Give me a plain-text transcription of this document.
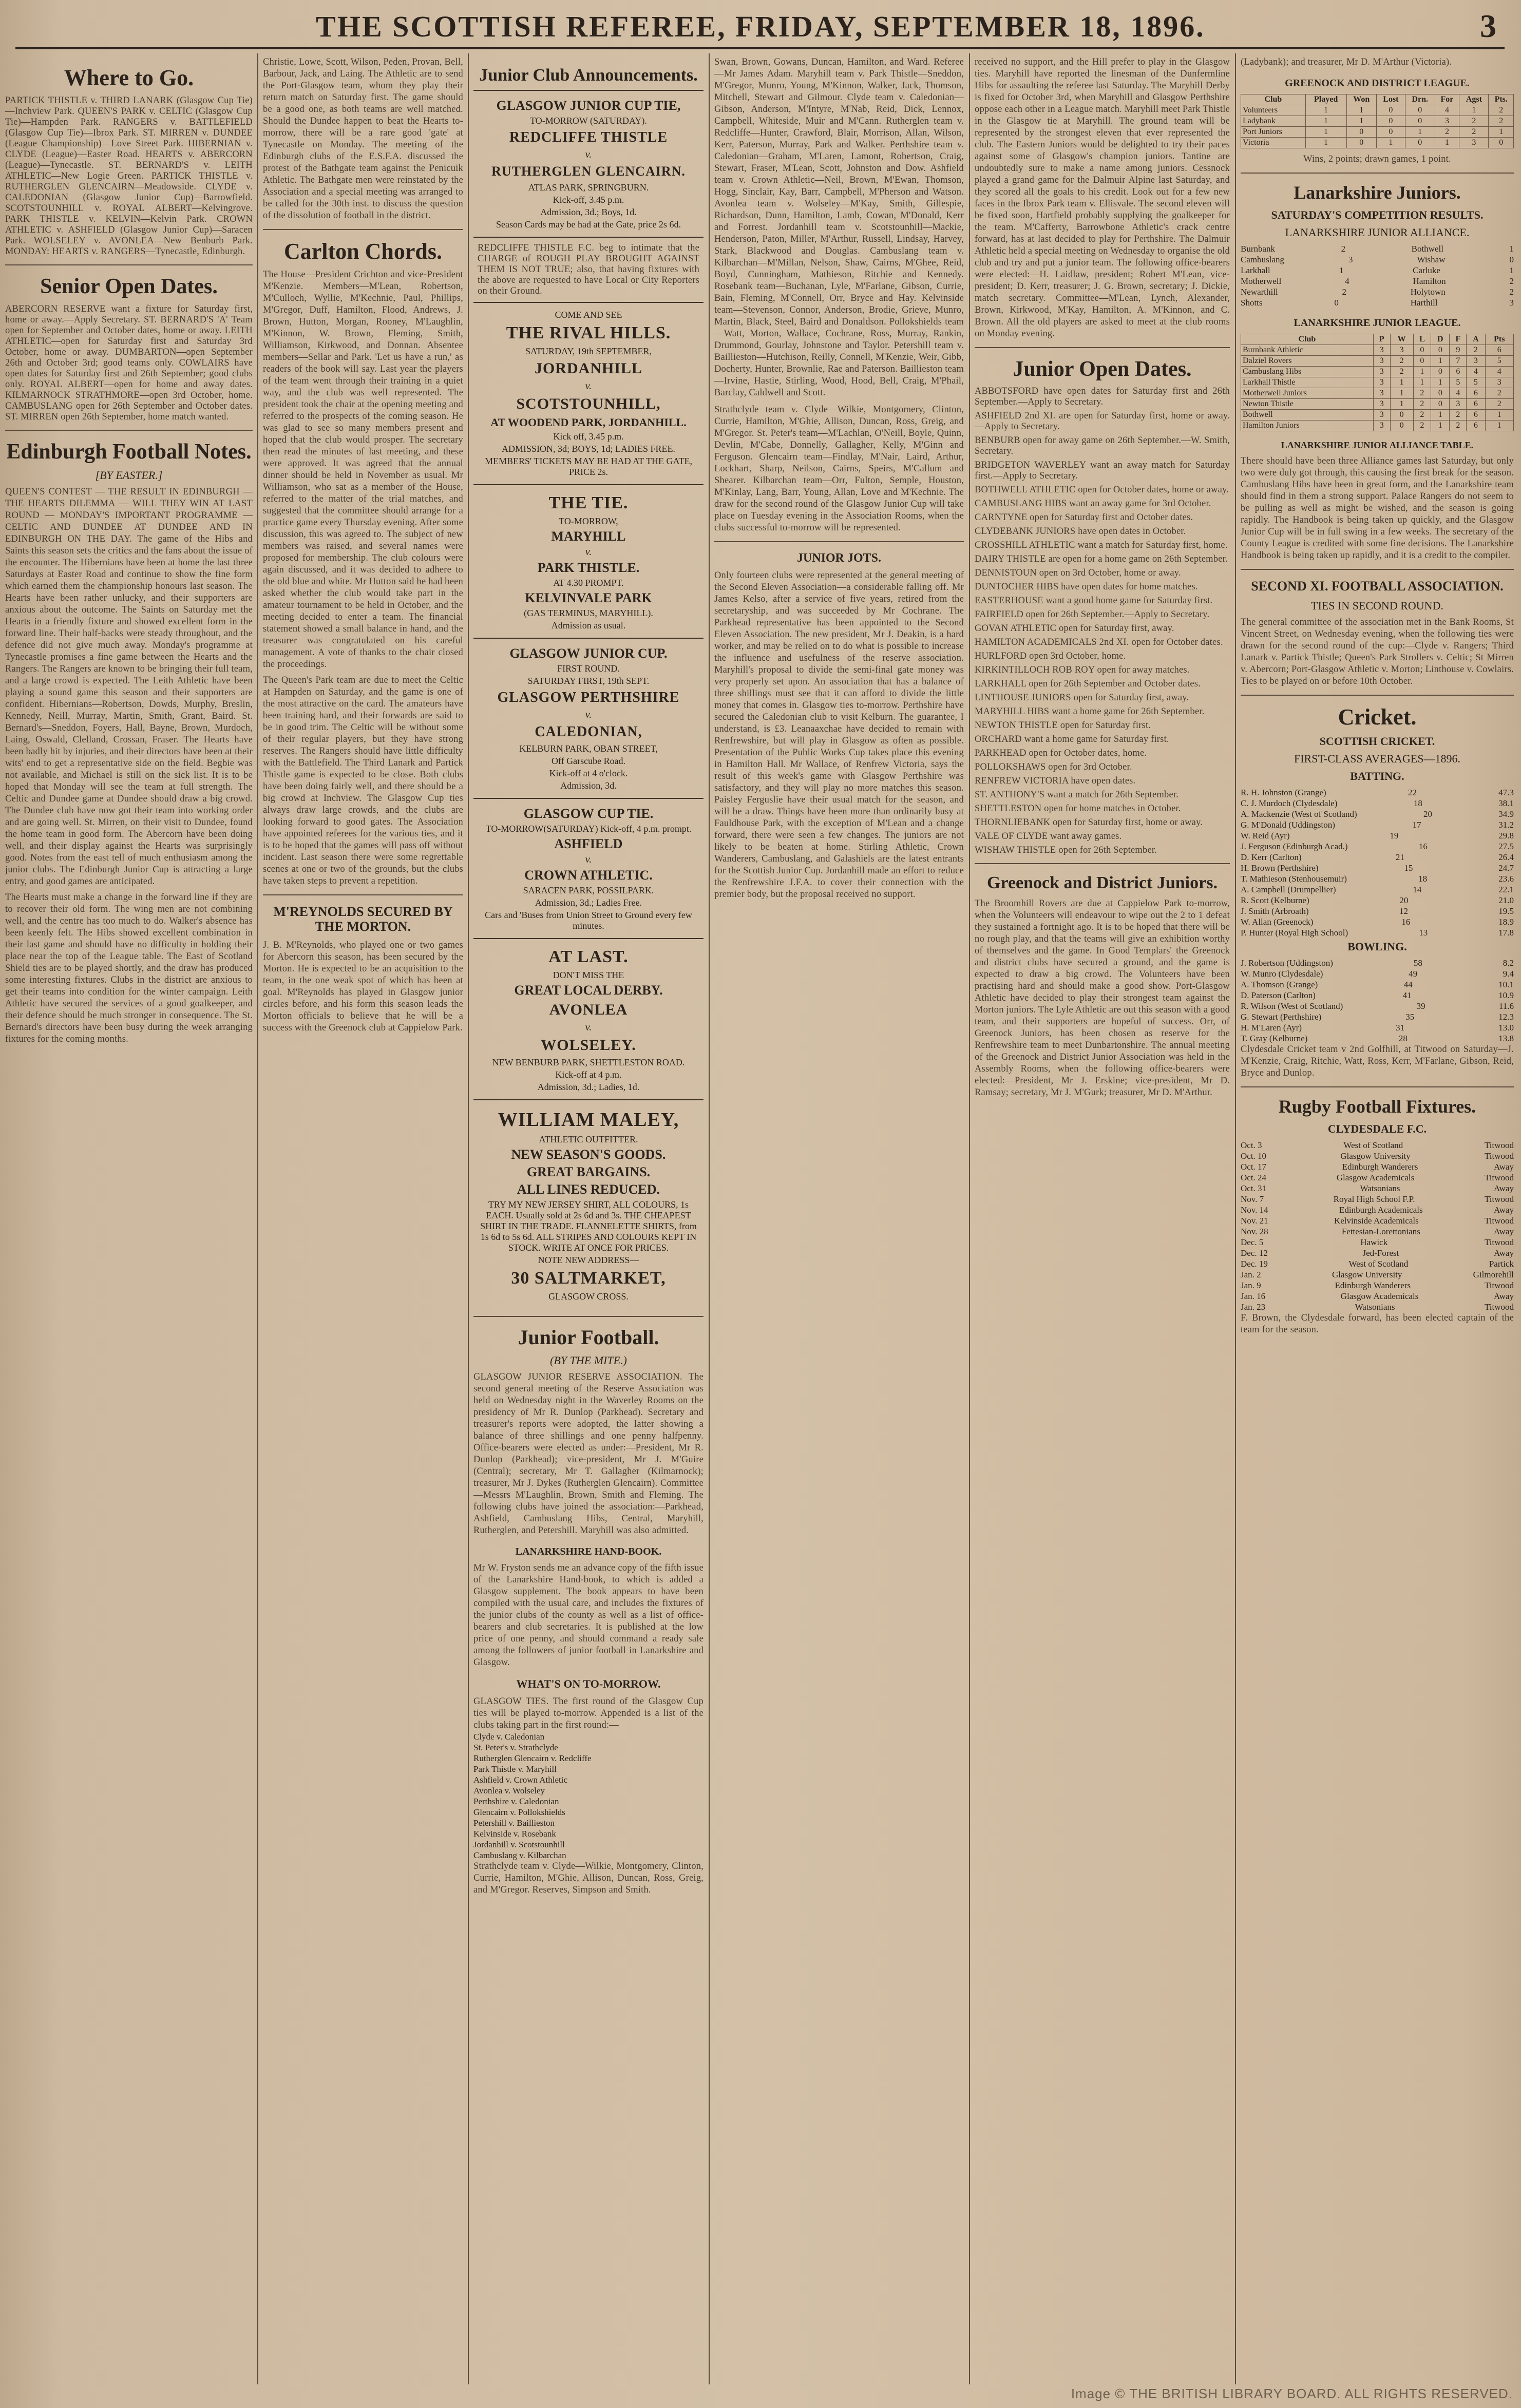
THE SCOTTISH REFEREE, FRIDAY, SEPTEMBER 18, 1896.	3
Where to Go.
PARTICK THISTLE v. THIRD LANARK (Glasgow Cup Tie)—Inchview Park. QUEEN'S PARK v. CELTIC (Glasgow Cup Tie)—Hampden Park. RANGERS v. BATTLEFIELD (Glasgow Cup Tie)—Ibrox Park. ST. MIRREN v. DUNDEE (League Championship)—Love Street Park. HIBERNIAN v. CLYDE (League)—Easter Road. HEARTS v. ABERCORN (League)—Tynecastle. ST. BERNARD'S v. LEITH ATHLETIC—New Logie Green. PARTICK THISTLE v. RUTHERGLEN GLENCAIRN—Meadowside. CLYDE v. CALEDONIAN (Glasgow Junior Cup)—Barrowfield. SCOTSTOUNHILL v. ROYAL ALBERT—Kelvingrove. PARK THISTLE v. KELVIN—Kelvin Park. CROWN ATHLETIC v. ASHFIELD (Glasgow Junior Cup)—Saracen Park. WOLSELEY v. AVONLEA—New Benburb Park. MONDAY: HEARTS v. RANGERS—Tynecastle, Edinburgh.
Senior Open Dates.
ABERCORN RESERVE want a fixture for Saturday first, home or away.—Apply Secretary. ST. BERNARD'S 'A' Team open for September and October dates, home or away. LEITH ATHLETIC—open for Saturday first and Saturday 3rd October, home or away. DUMBARTON—open September 26th and October 3rd; good teams only. COWLAIRS have open dates for Saturday first and 26th September; good clubs only. ROYAL ALBERT—open for home and away dates. KILMARNOCK STRATHMORE—open 3rd October, home. CAMBUSLANG open for 26th September and October dates. ST. MIRREN open 26th September, home match wanted.
Edinburgh Football Notes.
[BY EASTER.]
QUEEN'S CONTEST — THE RESULT IN EDINBURGH — THE HEARTS DILEMMA — WILL THEY WIN AT LAST ROUND — MONDAY'S IMPORTANT PROGRAMME — CELTIC AND DUNDEE AT DUNDEE AND IN EDINBURGH ON THE DAY. The game of the Hibs and Saints this season sets the critics and the fans about the issue of the encounter. The Hibernians have been at home the last three Saturdays at Easter Road and continue to show the fine form which earned them the championship honours last season. The Hearts have been rather unlucky, and their supporters are anxious about the outcome. The Saints on Saturday met the Hearts in a friendly fixture and showed excellent form in the forward line. Their half-backs were steady throughout, and the defence did not give much away. Monday's programme at Tynecastle promises a fine game between the Hearts and the Rangers. The Rangers are known to be bringing their full team, and a large crowd is expected. The Leith Athletic have been playing a sound game this season and their supporters are confident. Hibernians—Robertson, Dowds, Murphy, Breslin, Kennedy, Neill, Murray, Martin, Smith, Grant, Baird. St. Bernard's—Sneddon, Foyers, Hall, Bayne, Brown, Murdoch, Laing, Oswald, Clelland, Crossan, Fraser. The Hearts have been badly hit by injuries, and their directors have been at their wits' end to get a representative side on the field. Begbie was not available, and Michael is still on the sick list. It is to be hoped that Monday will see the team at full strength. The Celtic and Dundee game at Dundee should draw a big crowd. The Dundee club have now got their team into working order and are going well. St. Mirren, on their visit to Dundee, found the home team in good form. The Abercorn have been doing well, and their display against the Hearts was surprisingly good. Notes from the east tell of much enthusiasm among the junior clubs. The Edinburgh Junior Cup is attracting a large entry, and good games are anticipated.
The Hearts must make a change in the forward line if they are to recover their old form. The wing men are not combining well, and the centre has too much to do. Walker's absence has been keenly felt. The Hibs showed excellent combination in their last game and should have no difficulty in holding their place near the top of the League table. The East of Scotland Shield ties are to be played shortly, and the draw has produced some interesting fixtures. Clubs in the district are anxious to get their teams into condition for the winter campaign. Leith Athletic have secured the services of a good goalkeeper, and their defence should be much stronger in consequence. The St. Bernard's directors have been busy during the week arranging fixtures for the coming months.
Christie, Lowe, Scott, Wilson, Peden, Provan, Bell, Barbour, Jack, and Laing. The Athletic are to send the Port-Glasgow team, whom they play their return match on Saturday first. The game should be a good one, as both teams are well matched. Should the Dundee happen to beat the Hearts to-morrow, there will be a rare good 'gate' at Tynecastle on Monday. The meeting of the Edinburgh clubs of the E.S.F.A. discussed the protest of the Bathgate team against the Penicuik Athletic. The Bathgate men were reinstated by the Association and a special meeting was arranged to be called for the 30th inst. to discuss the question of the dissolution of football in the district.
Carlton Chords.
The House—President Crichton and vice-President M'Kenzie. Members—M'Lean, Robertson, M'Culloch, Wyllie, M'Kechnie, Paul, Phillips, M'Gregor, Duff, Hamilton, Flood, Andrews, J. Brown, Hutton, Morgan, Rooney, M'Laughlin, M'Kinnon, W. Brown, Fleming, Smith, Williamson, Kirkwood, and Donnan. Absentee members—Sellar and Park. 'Let us have a run,' as readers of the book will say. Last year the players of the team went through their training in a quiet way, and the club was well represented. The president took the chair at the opening meeting and referred to the prospects of the coming season. He was glad to see so many members present and hoped that the club would prosper. The secretary then read the minutes of last meeting, and these were approved. It was agreed that the annual dinner should be held in November as usual. Mr Williamson, who sat as a member of the House, referred to the matter of the trial matches, and suggested that the committee should arrange for a practice game every Thursday evening. After some discussion, this was agreed to. The subject of new members was raised, and several names were proposed for membership. The club colours were again discussed, and it was decided to adhere to the old blue and white. Mr Hutton said he had been asked whether the club would take part in the amateur tournament to be held in October, and the meeting decided to enter a team. The financial statement showed a small balance in hand, and the treasurer was congratulated on his careful management. A vote of thanks to the chair closed the proceedings.
The Queen's Park team are due to meet the Celtic at Hampden on Saturday, and the game is one of the most attractive on the card. The amateurs have been training hard, and their forwards are said to be in good trim. The Celtic will be without some of their regular players, but they have strong reserves. The Rangers should have little difficulty with the Battlefield. The Third Lanark and Partick Thistle game is expected to be close. Both clubs have been doing fairly well, and there should be a big crowd at Inchview. The Glasgow Cup ties always draw large crowds, and the clubs are looking forward to good gates. The Association have appointed referees for the various ties, and it is to be hoped that the games will pass off without incident. Last season there were some regrettable scenes at one or two of the grounds, but the clubs have taken steps to prevent a repetition.
M'REYNOLDS SECURED BY THE MORTON.
J. B. M'Reynolds, who played one or two games for Abercorn this season, has been secured by the Morton. He is expected to be an acquisition to the team, in the one weak spot of which has been at goal. M'Reynolds has played in Glasgow junior circles before, and his form this season leads the Morton officials to believe that he will be a success with the Greenock club at Cappielow Park.
Junior Club Announcements.
GLASGOW JUNIOR CUP TIE,
TO-MORROW (SATURDAY).
REDCLIFFE THISTLE
v.
RUTHERGLEN GLENCAIRN.
ATLAS PARK, SPRINGBURN.
Kick-off, 3.45 p.m.
Admission, 3d.; Boys, 1d.
Season Cards may be had at the Gate, price 2s 6d.
REDCLIFFE THISTLE F.C. beg to intimate that the CHARGE of ROUGH PLAY BROUGHT AGAINST THEM IS NOT TRUE; also, that having fixtures with the above are requested to have Local or City Reporters on their Ground.
COME AND SEE
THE RIVAL HILLS.
SATURDAY, 19th SEPTEMBER,
JORDANHILL
v.
SCOTSTOUNHILL,
AT WOODEND PARK, JORDANHILL.
Kick off, 3.45 p.m.
ADMISSION, 3d; BOYS, 1d; LADIES FREE.
MEMBERS' TICKETS MAY BE HAD AT THE GATE, PRICE 2s.
THE TIE.
TO-MORROW,
MARYHILL
v.
PARK THISTLE.
AT 4.30 PROMPT.
KELVINVALE PARK
(GAS TERMINUS, MARYHILL).
Admission as usual.
GLASGOW JUNIOR CUP.
FIRST ROUND.
SATURDAY FIRST, 19th SEPT.
GLASGOW PERTHSHIRE
v.
CALEDONIAN,
KELBURN PARK, OBAN STREET,
Off Garscube Road.
Kick-off at 4 o'clock.
Admission, 3d.
GLASGOW CUP TIE.
TO-MORROW(SATURDAY) Kick-off, 4 p.m. prompt.
ASHFIELD
v.
CROWN ATHLETIC.
SARACEN PARK, POSSILPARK.
Admission, 3d.; Ladies Free.
Cars and 'Buses from Union Street to Ground every few minutes.
AT LAST.
DON'T MISS THE
GREAT LOCAL DERBY.
AVONLEA
v.
WOLSELEY.
NEW BENBURB PARK, SHETTLESTON ROAD.
Kick-off at 4 p.m.
Admission, 3d.; Ladies, 1d.
WILLIAM MALEY,
ATHLETIC OUTFITTER.
NEW SEASON'S GOODS.
GREAT BARGAINS.
ALL LINES REDUCED.
TRY MY NEW JERSEY SHIRT, ALL COLOURS, 1s EACH. Usually sold at 2s 6d and 3s. THE CHEAPEST SHIRT IN THE TRADE. FLANNELETTE SHIRTS, from 1s 6d to 5s 6d. ALL STRIPES AND COLOURS KEPT IN STOCK. WRITE AT ONCE FOR PRICES.
NOTE NEW ADDRESS—
30 SALTMARKET,
GLASGOW CROSS.
Junior Football.
(BY THE MITE.)
GLASGOW JUNIOR RESERVE ASSOCIATION. The second general meeting of the Reserve Association was held on Wednesday night in the Waverley Rooms on the presidency of Mr R. Dunlop (Parkhead). Secretary and treasurer's reports were adopted, the latter showing a balance of three shillings and one penny halfpenny. Office-bearers were elected as under:—President, Mr R. Dunlop (Parkhead); vice-president, Mr J. M'Guire (Central); secretary, Mr T. Gallagher (Kilmarnock); treasurer, Mr J. Dykes (Rutherglen Glencairn). Committee—Messrs M'Laughlin, Brown, Smith and Fleming. The following clubs have joined the association:—Parkhead, Ashfield, Cambuslang Hibs, Central, Maryhill, Rutherglen, and Petershill. Maryhill was also admitted.
LANARKSHIRE HAND-BOOK.
Mr W. Fryston sends me an advance copy of the fifth issue of the Lanarkshire Hand-book, to which is added a Glasgow supplement. The book appears to have been compiled with the usual care, and includes the fixtures of the junior clubs of the county as well as a list of office-bearers and club secretaries. It is published at the low price of one penny, and should command a ready sale among the followers of junior football in Lanarkshire and Glasgow.
WHAT'S ON TO-MORROW.
GLASGOW TIES. The first round of the Glasgow Cup ties will be played to-morrow. Appended is a list of the clubs taking part in the first round:—
Clyde v. Caledonian
St. Peter's v. Strathclyde
Rutherglen Glencairn v. Redcliffe
Park Thistle v. Maryhill
Ashfield v. Crown Athletic
Avonlea v. Wolseley
Perthshire v. Caledonian
Glencairn v. Pollokshields
Petershill v. Baillieston
Kelvinside v. Rosebank
Jordanhill v. Scotstounhill
Cambuslang v. Kilbarchan
Strathclyde team v. Clyde—Wilkie, Montgomery, Clinton, Currie, Hamilton, M'Ghie, Allison, Duncan, Ross, Greig, and M'Gregor. Reserves, Simpson and Smith.
Swan, Brown, Gowans, Duncan, Hamilton, and Ward. Referee—Mr James Adam. Maryhill team v. Park Thistle—Sneddon, M'Gregor, Munro, Young, M'Kinnon, Walker, Jack, Thomson, Mitchell, Stewart and Gilmour. Clyde team v. Caledonian—Gibson, Anderson, M'Intyre, M'Nab, Reid, Dick, Lennox, Campbell, Whiteside, Muir and M'Cann. Rutherglen team v. Redcliffe—Hunter, Crawford, Blair, Morrison, Allan, Wilson, Kerr, Paterson, Murray, Park and Walker. Perthshire team v. Caledonian—Graham, M'Laren, Lamont, Robertson, Craig, Stewart, Fraser, M'Lean, Scott, Johnston and Dow. Ashfield team v. Crown Athletic—Neil, Brown, M'Ewan, Thomson, Hogg, Sinclair, Kay, Barr, Campbell, M'Pherson and Watson. Avonlea team v. Wolseley—M'Kay, Smith, Gillespie, Richardson, Dunn, Hamilton, Lamb, Cowan, M'Donald, Kerr and Forrest. Jordanhill team v. Scotstounhill—Mackie, Henderson, Paton, Miller, M'Arthur, Russell, Lindsay, Harvey, Stark, Blackwood and Douglas. Cambuslang team v. Kilbarchan—M'Millan, Nelson, Shaw, Cairns, M'Ghee, Reid, Boyd, Cunningham, Mathieson, Ritchie and Kennedy. Rosebank team—Buchanan, Lyle, M'Farlane, Gibson, Currie, Bain, Fleming, M'Connell, Orr, Bryce and Hay. Kelvinside team—Stevenson, Connor, Anderson, Brodie, Grieve, Munro, Martin, Black, Steel, Baird and Donaldson. Pollokshields team—Watt, Morton, Wallace, Cochrane, Ross, Murray, Rankin, Drummond, Gourlay, Johnstone and Taylor. Petershill team v. Baillieston—Hutchison, Reilly, Connell, M'Kenzie, Weir, Gibb, Docherty, Hunter, Brownlie, Rae and Paterson. Baillieston team—Irvine, Hastie, Stirling, Wood, Hood, Bell, Craig, M'Phail, Barclay, Caldwell and Scott.
Strathclyde team v. Clyde—Wilkie, Montgomery, Clinton, Currie, Hamilton, M'Ghie, Allison, Duncan, Ross, Greig, and M'Gregor. St. Peter's team—M'Lachlan, O'Neill, Boyle, Quinn, Devlin, M'Cabe, Donnelly, Gallagher, Kelly, M'Ginn and Ferguson. Glencairn team—Findlay, M'Nair, Laird, Arthur, Lockhart, Sharp, Neilson, Cairns, Speirs, M'Callum and Shearer. Kilbarchan team—Orr, Fulton, Semple, Houston, M'Kinlay, Lang, Barr, Young, Allan, Love and M'Kechnie. The draw for the second round of the Glasgow Junior Cup will take place on Tuesday evening in the Association Rooms, when the clubs successful to-morrow will be represented.
JUNIOR JOTS.
Only fourteen clubs were represented at the general meeting of the Second Eleven Association—a considerable falling off. Mr James Kelso, after a service of five years, retired from the secretaryship, and was succeeded by Mr Cochrane. The Parkhead representative has been appointed to the Second Eleven Association. The new president, Mr J. Deakin, is a hard worker, and may be relied on to do what is possible to increase the influence and usefulness of the reserve association. Maryhill's proposal to divide the semi-final gate money was very properly set upon. An association that has a balance of three shillings must see that it can afford to divide the little money that comes in. Glasgow ties to-morrow. Perthshire have secured the Caledonian club to visit Kelburn. The guarantee, I understand, is £3. Leanaaxchae have decided to remain with Renfrewshire, but will play in Glasgow as often as possible. Presentation of the Public Works Cup takes place this evening in Hamilton Hall. Mr Wallace, of Renfrew Victoria, says the result of this week's game with Glasgow Perthshire was satisfactory, and they will play no more matches this season. Paisley Ferguslie have their usual match for the season, and will be a draw. Things have been more than ordinarily busy at Fauldhouse Park, with the exception of M'Lean and a change forward, there were seen a few changes. The juniors are not likely to be beaten at home. Stirling Athletic, Crown Wanderers, Cambuslang, and Galashiels are the latest entrants for the Scottish Junior Cup. Jordanhill made an effort to reduce the Renfrewshire J.F.A. to cover their connection with the premier body, but the proposal received no support.
received no support, and the Hill prefer to play in the Glasgow ties. Maryhill have reported the linesman of the Dunfermline Hibs for assaulting the referee last Saturday. The Maryhill Derby is fixed for October 3rd, when Maryhill and Glasgow Perthshire oppose each other in a League match. Maryhill meet Park Thistle in the Glasgow tie at Maryhill. The ground team will be represented by the strongest eleven that ever represented the club. The Eastern Juniors would be delighted to try their paces against some of Glasgow's champion juniors. Tantine are undoubtedly sure to make a name among juniors. Cessnock played a grand game for the Dalmuir Alpine last Saturday, and they scored all the goals to his credit. Look out for a few new faces in the Ibrox Park team v. Ellisvale. The second eleven will be fixed soon, Hartfield probably supplying the goalkeeper for the team. M'Cafferty, Barrowbone Athletic's crack centre forward, has at last decided to play for Perthshire. The Dalmuir Athletic held a special meeting on Wednesday to organise the old club and try and put a junior team. The following office-bearers were elected:—H. Laidlaw, president; Robert M'Lean, vice-president; D. Kerr, treasurer; J. G. Brown, secretary; J. Dickie, match secretary. Committee—M'Lean, Lynch, Alexander, Brown, Kirkwood, M'Kay, Hamilton, A. M'Kinnon, and C. Brown. All the old players are asked to meet at the club rooms on Monday evening.
Junior Open Dates.
ABBOTSFORD have open dates for Saturday first and 26th September.—Apply to Secretary.
ASHFIELD 2nd XI. are open for Saturday first, home or away.—Apply to Secretary.
BENBURB open for away game on 26th September.—W. Smith, Secretary.
BRIDGETON WAVERLEY want an away match for Saturday first.—Apply to Secretary.
BOTHWELL ATHLETIC open for October dates, home or away.
CAMBUSLANG HIBS want an away game for 3rd October.
CARNTYNE open for Saturday first and October dates.
CLYDEBANK JUNIORS have open dates in October.
CROSSHILL ATHLETIC want a match for Saturday first, home.
DAIRY THISTLE are open for a home game on 26th September.
DENNISTOUN open on 3rd October, home or away.
DUNTOCHER HIBS have open dates for home matches.
EASTERHOUSE want a good home game for Saturday first.
FAIRFIELD open for 26th September.—Apply to Secretary.
GOVAN ATHLETIC open for Saturday first, away.
HAMILTON ACADEMICALS 2nd XI. open for October dates.
HURLFORD open 3rd October, home.
KIRKINTILLOCH ROB ROY open for away matches.
LARKHALL open for 26th September and October dates.
LINTHOUSE JUNIORS open for Saturday first, away.
MARYHILL HIBS want a home game for 26th September.
NEWTON THISTLE open for Saturday first.
ORCHARD want a home game for Saturday first.
PARKHEAD open for October dates, home.
POLLOKSHAWS open for 3rd October.
RENFREW VICTORIA have open dates.
ST. ANTHONY'S want a match for 26th September.
SHETTLESTON open for home matches in October.
THORNLIEBANK open for Saturday first, home or away.
VALE OF CLYDE want away games.
WISHAW THISTLE open for 26th September.
Greenock and District Juniors.
The Broomhill Rovers are due at Cappielow Park to-morrow, when the Volunteers will endeavour to wipe out the 2 to 1 defeat they sustained a fortnight ago. It is to be hoped that there will be no rough play, and that the teams will give an exhibition worthy of themselves and the game. In Good Templars' the Greenock and district clubs have secured a ground, and the game is expected to draw a big crowd. The Volunteers have been practising hard and should make a good show. Port-Glasgow Athletic have decided to play their strongest team against the Morton juniors. The Lyle Athletic are out this season with a good team, and their supporters are hopeful of success. Orr, of Greenock Juniors, has been chosen as reserve for the Renfrewshire team to meet Dunbartonshire. The annual meeting of the Greenock and District Junior Association was held in the Assembly Rooms, when the following office-bearers were elected:—President, Mr J. Erskine; vice-president, Mr D. Ramsay; secretary, Mr J. M'Gurk; treasurer, Mr D. M'Arthur.
(Ladybank); and treasurer, Mr D. M'Arthur (Victoria).
GREENOCK AND DISTRICT LEAGUE.
Club	Played	Won	Lost	Drn.	For	Agst	Pts.
Volunteers	1	1	0	0	4	1	2
Ladybank	1	1	0	0	3	2	2
Port Juniors	1	0	0	1	2	2	1
Victoria	1	0	1	0	1	3	0
Wins, 2 points; drawn games, 1 point.
Lanarkshire Juniors.
SATURDAY'S COMPETITION RESULTS.
LANARKSHIRE JUNIOR ALLIANCE.
Burnbank	2	Bothwell	1
Cambuslang	3	Wishaw	0
Larkhall	1	Carluke	1
Motherwell	4	Hamilton	2
Newarthill	2	Holytown	2
Shotts	0	Harthill	3
LANARKSHIRE JUNIOR LEAGUE.
Club	P	W	L	D	F	A	Pts
Burnbank Athletic	3	3	0	0	9	2	6
Dalziel Rovers	3	2	0	1	7	3	5
Cambuslang Hibs	3	2	1	0	6	4	4
Larkhall Thistle	3	1	1	1	5	5	3
Motherwell Juniors	3	1	2	0	4	6	2
Newton Thistle	3	1	2	0	3	6	2
Bothwell	3	0	2	1	2	6	1
Hamilton Juniors	3	0	2	1	2	6	1
LANARKSHIRE JUNIOR ALLIANCE TABLE.
There should have been three Alliance games last Saturday, but only two were duly got through, this causing the first break for the season. Cambuslang Hibs have been in great form, and the Lanarkshire team should find in them a strong support. Palace Rangers do not seem to be pulling as well as might be wished, and the season is going rapidly. The Handbook is being taken up quickly, and the Glasgow Junior Cup will be in full swing in a few weeks. The secretary of the County League is credited with some fine decisions. The Lanarkshire Handbook is being taken up rapidly, and it is a credit to the compiler.
SECOND XI. FOOTBALL ASSOCIATION.
TIES IN SECOND ROUND.
The general committee of the association met in the Bank Rooms, St Vincent Street, on Wednesday evening, when the following ties were drawn for the second round of the cup:—Clyde v. Rangers; Third Lanark v. Partick Thistle; Queen's Park Strollers v. Celtic; St Mirren v. Abercorn; Port-Glasgow Athletic v. Morton; Linthouse v. Cowlairs. Ties to be played on or before 10th October.
Cricket.
SCOTTISH CRICKET.
FIRST-CLASS AVERAGES—1896.
BATTING.
R. H. Johnston (Grange)	22	47.3
C. J. Murdoch (Clydesdale)	18	38.1
A. Mackenzie (West of Scotland)	20	34.9
G. M'Donald (Uddingston)	17	31.2
W. Reid (Ayr)	19	29.8
J. Ferguson (Edinburgh Acad.)	16	27.5
D. Kerr (Carlton)	21	26.4
H. Brown (Perthshire)	15	24.7
T. Mathieson (Stenhousemuir)	18	23.6
A. Campbell (Drumpellier)	14	22.1
R. Scott (Kelburne)	20	21.0
J. Smith (Arbroath)	12	19.5
W. Allan (Greenock)	16	18.9
P. Hunter (Royal High School)	13	17.8
BOWLING.
J. Robertson (Uddingston)	58	8.2
W. Munro (Clydesdale)	49	9.4
A. Thomson (Grange)	44	10.1
D. Paterson (Carlton)	41	10.9
R. Wilson (West of Scotland)	39	11.6
G. Stewart (Perthshire)	35	12.3
H. M'Laren (Ayr)	31	13.0
T. Gray (Kelburne)	28	13.8
Clydesdale Cricket team v 2nd Golfhill, at Titwood on Saturday—J. M'Kenzie, Craig, Ritchie, Watt, Ross, Kerr, M'Farlane, Gibson, Reid, Bryce and Dunlop.
Rugby Football Fixtures.
CLYDESDALE F.C.
Oct. 3	West of Scotland	Titwood
Oct. 10	Glasgow University	Titwood
Oct. 17	Edinburgh Wanderers	Away
Oct. 24	Glasgow Academicals	Titwood
Oct. 31	Watsonians	Away
Nov. 7	Royal High School F.P.	Titwood
Nov. 14	Edinburgh Academicals	Away
Nov. 21	Kelvinside Academicals	Titwood
Nov. 28	Fettesian-Lorettonians	Away
Dec. 5	Hawick	Titwood
Dec. 12	Jed-Forest	Away
Dec. 19	West of Scotland	Partick
Jan. 2	Glasgow University	Gilmorehill
Jan. 9	Edinburgh Wanderers	Titwood
Jan. 16	Glasgow Academicals	Away
Jan. 23	Watsonians	Titwood
F. Brown, the Clydesdale forward, has been elected captain of the team for the season.
Image © THE BRITISH LIBRARY BOARD. ALL RIGHTS RESERVED.
